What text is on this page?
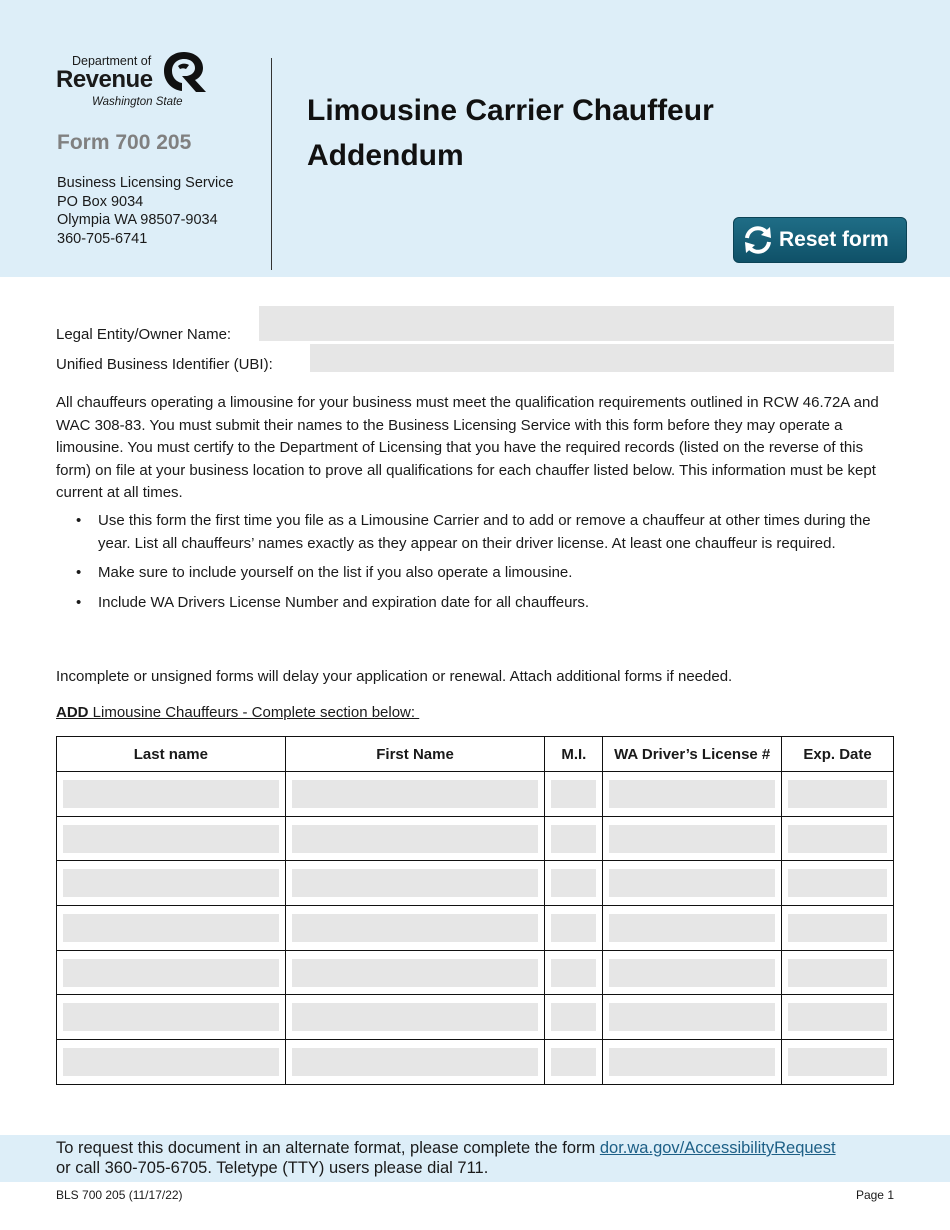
Department of
Revenue
Washington State
Form 700 205
Business Licensing Service
PO Box 9034
Olympia WA 98507-9034
360-705-6741
Limousine Carrier Chauffeur
Addendum
Reset form
Legal Entity/Owner Name:
Unified Business Identifier (UBI):
All chauffeurs operating a limousine for your business must meet the qualification requirements outlined in RCW 46.72A and WAC 308-83. You must submit their names to the Business Licensing Service with this form before they may operate a limousine. You must certify to the Department of Licensing that you have the required records (listed on the reverse of this form) on file at your business location to prove all qualifications for each chauffer listed below. This information must be kept current at all times.
• Use this form the first time you file as a Limousine Carrier and to add or remove a chauffeur at other times during the year. List all chauffeurs’ names exactly as they appear on their driver license. At least one chauffeur is required.
• Make sure to include yourself on the list if you also operate a limousine.
• Include WA Drivers License Number and expiration date for all chauffeurs.
Incomplete or unsigned forms will delay your application or renewal. Attach additional forms if needed.
ADD Limousine Chauffeurs - Complete section below:
Last name	First Name	M.I.	WA Driver’s License #	Exp. Date

To request this document in an alternate format, please complete the form dor.wa.gov/AccessibilityRequest
or call 360-705-6705. Teletype (TTY) users please dial 711.
BLS 700 205 (11/17/22)	Page 1
